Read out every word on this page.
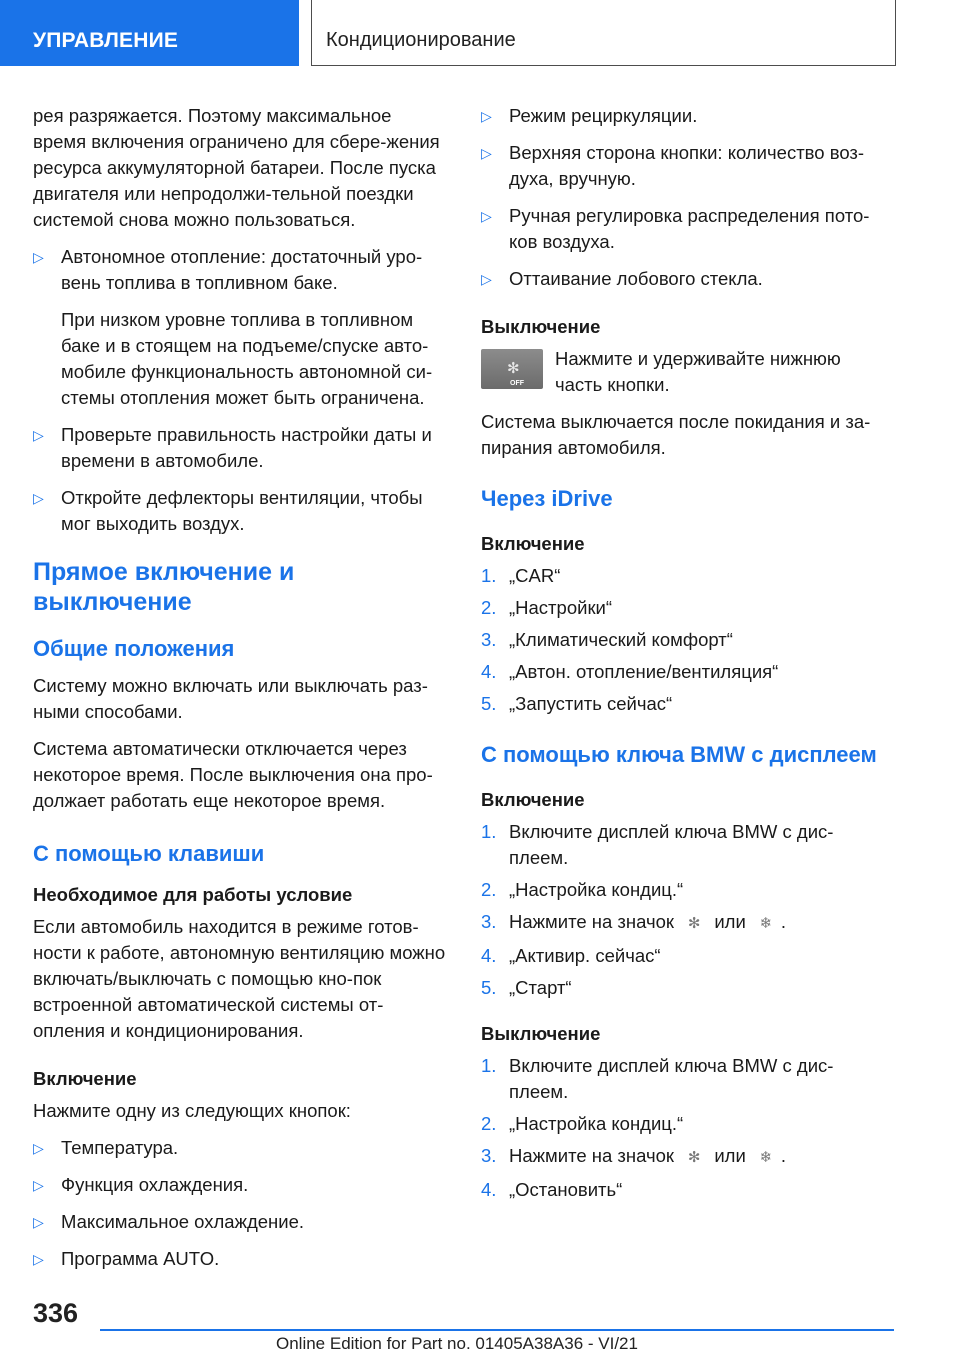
УПРАВЛЕНИЕ	Кондиционирование

рея разряжается. Поэтому максимальное время включения ограничено для сбере-жения ресурса аккумуляторной батареи. После пуска двигателя или непродолжи-тельной поездки системой снова можно пользоваться.

▷ Автономное отопление: достаточный уро-вень топлива в топливном баке.

При низком уровне топлива в топливном баке и в стоящем на подъеме/спуске авто-мобиле функциональность автономной си-стемы отопления может быть ограничена.

▷ Проверьте правильность настройки даты и времени в автомобиле.
▷ Откройте дефлекторы вентиляции, чтобы мог выходить воздух.
Прямое включение и выключение
Общие положения

Систему можно включать или выключать раз-ными способами.

Система автоматически отключается через некоторое время. После выключения она про-должает работать еще некоторое время.

С помощью клавиши
Необходимое для работы условие

Если автомобиль находится в режиме готов-ности к работе, автономную вентиляцию можно включать/выключать с помощью кно-пок встроенной автоматической системы от-опления и кондиционирования.

Включение

Нажмите одну из следующих кнопок:

▷ Температура.
▷ Функция охлаждения.
▷ Максимальное охлаждение.
▷ Программа AUTO.
▷ Режим рециркуляции.
▷ Верхняя сторона кнопки: количество воз-духа, вручную.
▷ Ручная регулировка распределения пото-ков воздуха.
▷ Оттаивание лобового стекла.
Выключение
✻
OFF
Нажмите и удерживайте нижнюю часть кнопки.

Система выключается после покидания и за-пирания автомобиля.

Через iDrive
Включение
1. „CAR“
2. „Настройки“
3. „Климатический комфорт“
4. „Автон. отопление/вентиляция“
5. „Запустить сейчас“
С помощью ключа BMW с дисплеем
Включение
1. Включите дисплей ключа BMW с дис-плеем.
2. „Настройка кондиц.“
3. Нажмите на значок ✻ или ❄ .
4. „Активир. сейчас“
5. „Старт“
Выключение
1. Включите дисплей ключа BMW с дис-плеем.
2. „Настройка кондиц.“
3. Нажмите на значок ✻ или ❄ .
4. „Остановить“
336
Online Edition for Part no. 01405A38A36 - VI/21
